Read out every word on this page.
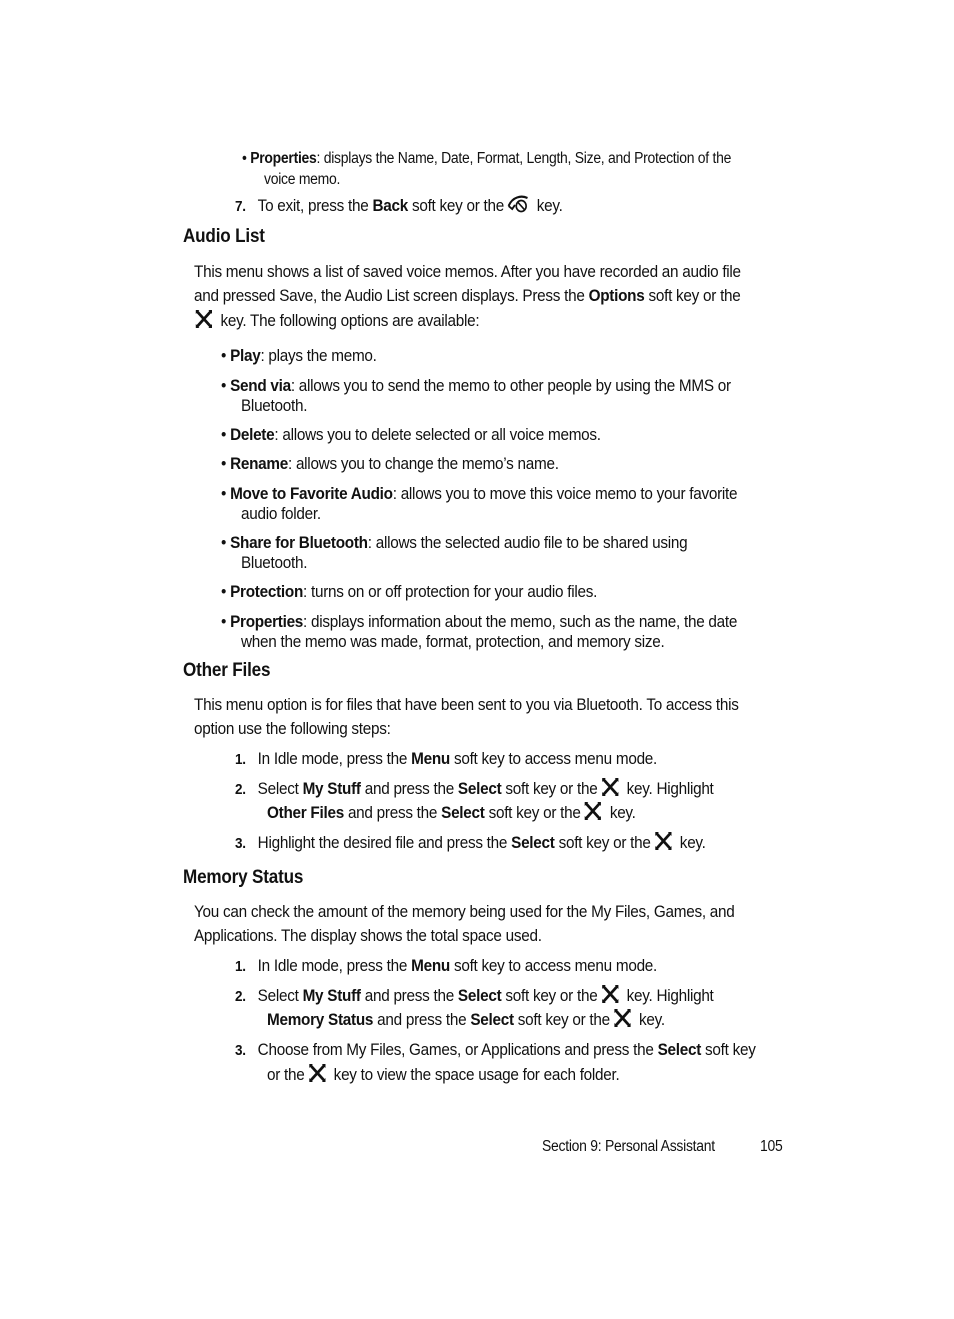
• Properties: displays the Name, Date, Format, Length, Size, and Protection of the
voice memo.
7. To exit, press the Back soft key or the
key.
Audio List
This menu shows a list of saved voice memos. After you have recorded an audio file
and pressed Save, the Audio List screen displays. Press the Options soft key or the
key. The following options are available:
• Play: plays the memo.
• Send via: allows you to send the memo to other people by using the MMS or
Bluetooth.
• Delete: allows you to delete selected or all voice memos.
• Rename: allows you to change the memo’s name.
• Move to Favorite Audio: allows you to move this voice memo to your favorite
audio folder.
• Share for Bluetooth: allows the selected audio file to be shared using
Bluetooth.
• Protection: turns on or off protection for your audio files.
• Properties: displays information about the memo, such as the name, the date
when the memo was made, format, protection, and memory size.
Other Files
This menu option is for files that have been sent to you via Bluetooth. To access this
option use the following steps:
1. In Idle mode, press the Menu soft key to access menu mode.
2. Select My Stuff and press the Select soft key or the
key. Highlight
Other Files and press the Select soft key or the
key.
3. Highlight the desired file and press the Select soft key or the
key.
Memory Status
You can check the amount of the memory being used for the My Files, Games, and
Applications. The display shows the total space used.
1. In Idle mode, press the Menu soft key to access menu mode.
2. Select My Stuff and press the Select soft key or the
key. Highlight
Memory Status and press the Select soft key or the
key.
3. Choose from My Files, Games, or Applications and press the Select soft key
or the
key to view the space usage for each folder.
Section 9: Personal Assistant	105
